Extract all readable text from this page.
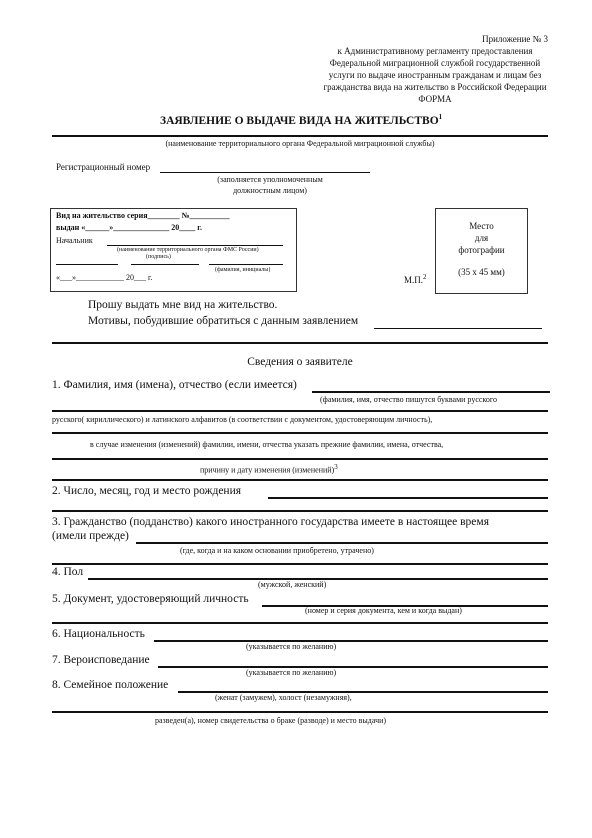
Приложение № 3
к Административному регламенту предоставления
Федеральной миграционной службой государственной
услуги по выдаче иностранным гражданам и лицам без
гражданства вида на жительство в Российской Федерации
ФОРМА
ЗАЯВЛЕНИЕ О ВЫДАЧЕ ВИДА НА ЖИТЕЛЬСТВО$^1$
(наименование территориального органа Федеральной миграционной службы)
Регистрационный номер
(заполняется уполномоченным
должностным лицом)
Вид на жительство серия________ №__________
выдан «______»______________ 20____ г.
Начальник
(наименование территориального органа ФМС России)
(подпись)
(фамилия, инициалы)
«___»____________ 20___ г.	М.П.$^2$
Место
для
фотографии
(35 х 45 мм)
Прошу выдать мне вид на жительство.
Мотивы, побудившие обратиться с данным заявлением
Сведения о заявителе
1. Фамилия, имя (имена), отчество (если имеется)
(фамилия, имя, отчество пишутся буквами русского
русского( кириллического) и латинского алфавитов (в соответствии с документом, удостоверяющим личность),
в случае изменения (изменений) фамилии, имени, отчества указать прежние фамилии, имена, отчества,
причину и дату изменения (изменений)$^3$
2. Число, месяц, год и место рождения
3. Гражданство (подданство) какого иностранного государства имеете в настоящее время
(имели прежде)
(где, когда и на каком основании приобретено, утрачено)
4. Пол
(мужской, женский)
5. Документ, удостоверяющий личность
(номер и серия документа, кем и когда выдан)
6. Национальность
(указывается по желанию)
7. Вероисповедание
(указывается по желанию)
8. Семейное положение
(женат (замужем), холост (незамужняя),
разведен(а), номер свидетельства о браке (разводе) и место выдачи)
